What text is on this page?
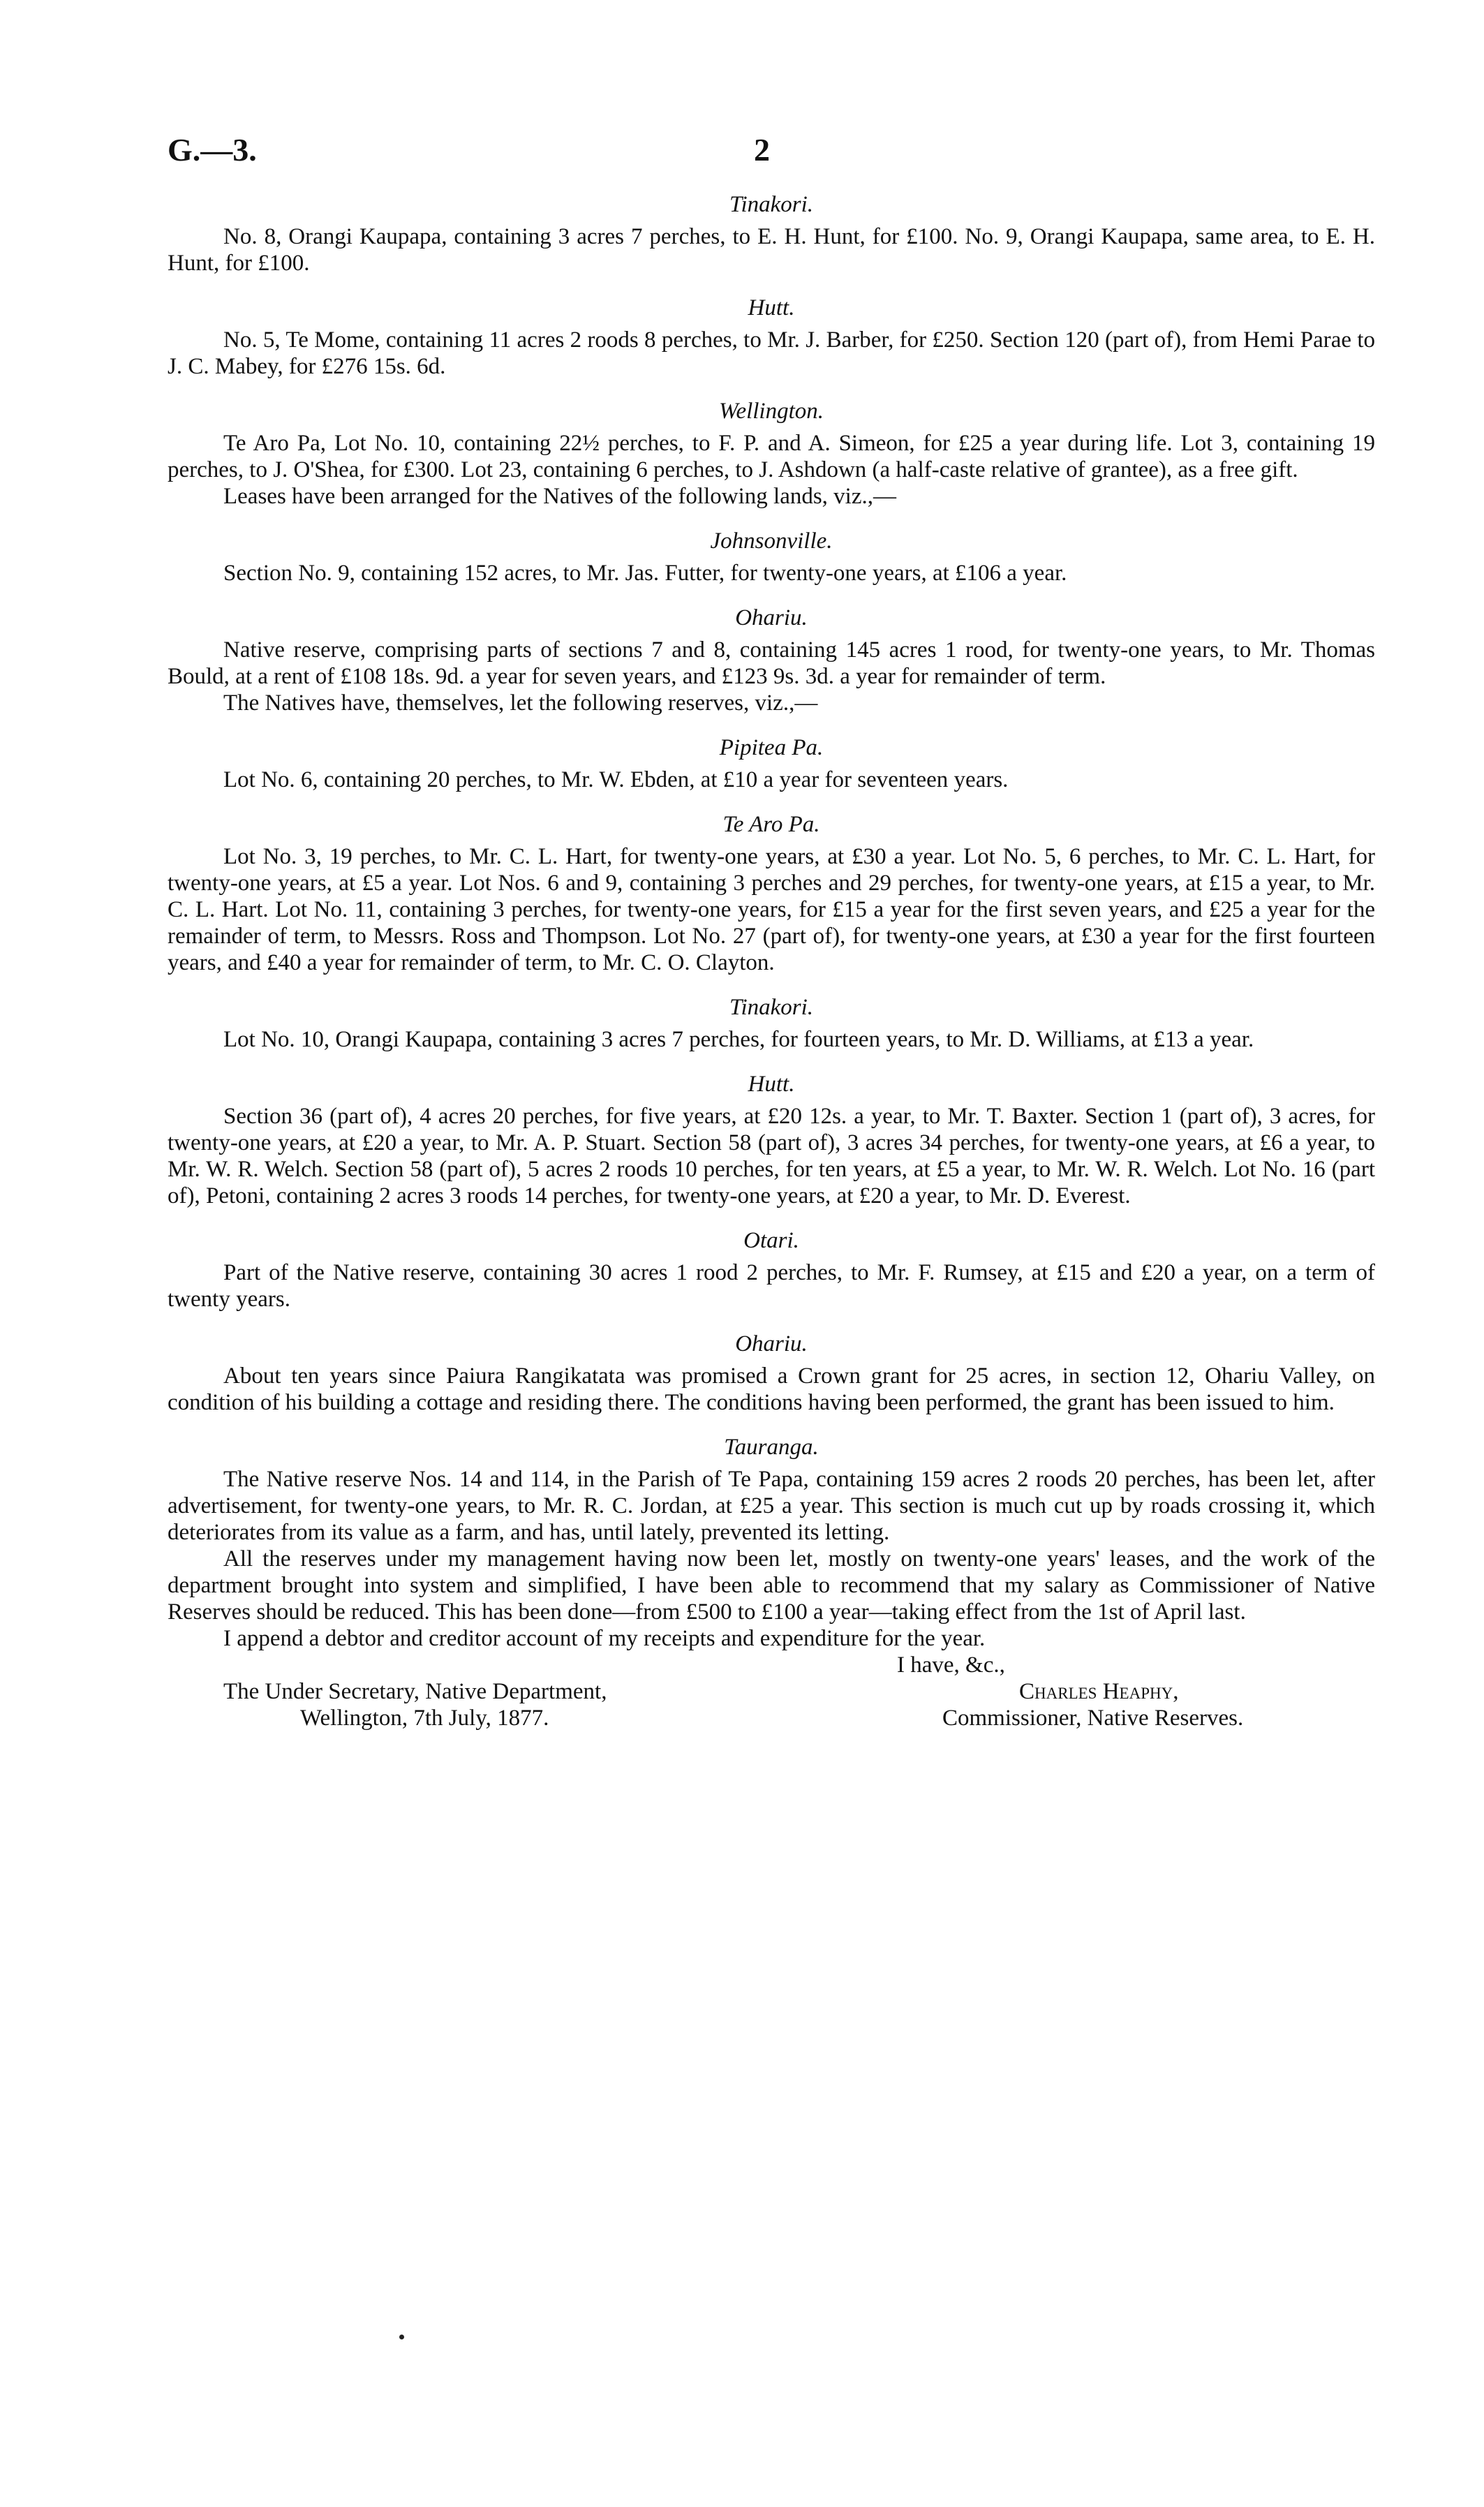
G.—3.	2
Tinakori.

No. 8, Orangi Kaupapa, containing 3 acres 7 perches, to E. H. Hunt, for £100. No. 9, Orangi Kaupapa, same area, to E. H. Hunt, for £100.

Hutt.

No. 5, Te Mome, containing 11 acres 2 roods 8 perches, to Mr. J. Barber, for £250. Section 120 (part of), from Hemi Parae to J. C. Mabey, for £276 15s. 6d.

Wellington.

Te Aro Pa, Lot No. 10, containing 22½ perches, to F. P. and A. Simeon, for £25 a year during life. Lot 3, containing 19 perches, to J. O'Shea, for £300. Lot 23, containing 6 perches, to J. Ashdown (a half-caste relative of grantee), as a free gift.

Leases have been arranged for the Natives of the following lands, viz.,—

Johnsonville.

Section No. 9, containing 152 acres, to Mr. Jas. Futter, for twenty-one years, at £106 a year.

Ohariu.

Native reserve, comprising parts of sections 7 and 8, containing 145 acres 1 rood, for twenty-one years, to Mr. Thomas Bould, at a rent of £108 18s. 9d. a year for seven years, and £123 9s. 3d. a year for remainder of term.

The Natives have, themselves, let the following reserves, viz.,—

Pipitea Pa.

Lot No. 6, containing 20 perches, to Mr. W. Ebden, at £10 a year for seventeen years.

Te Aro Pa.

Lot No. 3, 19 perches, to Mr. C. L. Hart, for twenty-one years, at £30 a year. Lot No. 5, 6 perches, to Mr. C. L. Hart, for twenty-one years, at £5 a year. Lot Nos. 6 and 9, containing 3 perches and 29 perches, for twenty-one years, at £15 a year, to Mr. C. L. Hart. Lot No. 11, containing 3 perches, for twenty-one years, for £15 a year for the first seven years, and £25 a year for the remainder of term, to Messrs. Ross and Thompson. Lot No. 27 (part of), for twenty-one years, at £30 a year for the first fourteen years, and £40 a year for remainder of term, to Mr. C. O. Clayton.

Tinakori.

Lot No. 10, Orangi Kaupapa, containing 3 acres 7 perches, for fourteen years, to Mr. D. Williams, at £13 a year.

Hutt.

Section 36 (part of), 4 acres 20 perches, for five years, at £20 12s. a year, to Mr. T. Baxter. Section 1 (part of), 3 acres, for twenty-one years, at £20 a year, to Mr. A. P. Stuart. Section 58 (part of), 3 acres 34 perches, for twenty-one years, at £6 a year, to Mr. W. R. Welch. Section 58 (part of), 5 acres 2 roods 10 perches, for ten years, at £5 a year, to Mr. W. R. Welch. Lot No. 16 (part of), Petoni, containing 2 acres 3 roods 14 perches, for twenty-one years, at £20 a year, to Mr. D. Everest.

Otari.

Part of the Native reserve, containing 30 acres 1 rood 2 perches, to Mr. F. Rumsey, at £15 and £20 a year, on a term of twenty years.

Ohariu.

About ten years since Paiura Rangikatata was promised a Crown grant for 25 acres, in section 12, Ohariu Valley, on condition of his building a cottage and residing there. The conditions having been performed, the grant has been issued to him.

Tauranga.

The Native reserve Nos. 14 and 114, in the Parish of Te Papa, containing 159 acres 2 roods 20 perches, has been let, after advertisement, for twenty-one years, to Mr. R. C. Jordan, at £25 a year. This section is much cut up by roads crossing it, which deteriorates from its value as a farm, and has, until lately, prevented its letting.

All the reserves under my management having now been let, mostly on twenty-one years' leases, and the work of the department brought into system and simplified, I have been able to recommend that my salary as Commissioner of Native Reserves should be reduced. This has been done—from £500 to £100 a year—taking effect from the 1st of April last.

I append a debtor and creditor account of my receipts and expenditure for the year.

I have, &c.,
The Under Secretary, Native Department,	Charles Heaphy,
Wellington, 7th July, 1877.	Commissioner, Native Reserves.
